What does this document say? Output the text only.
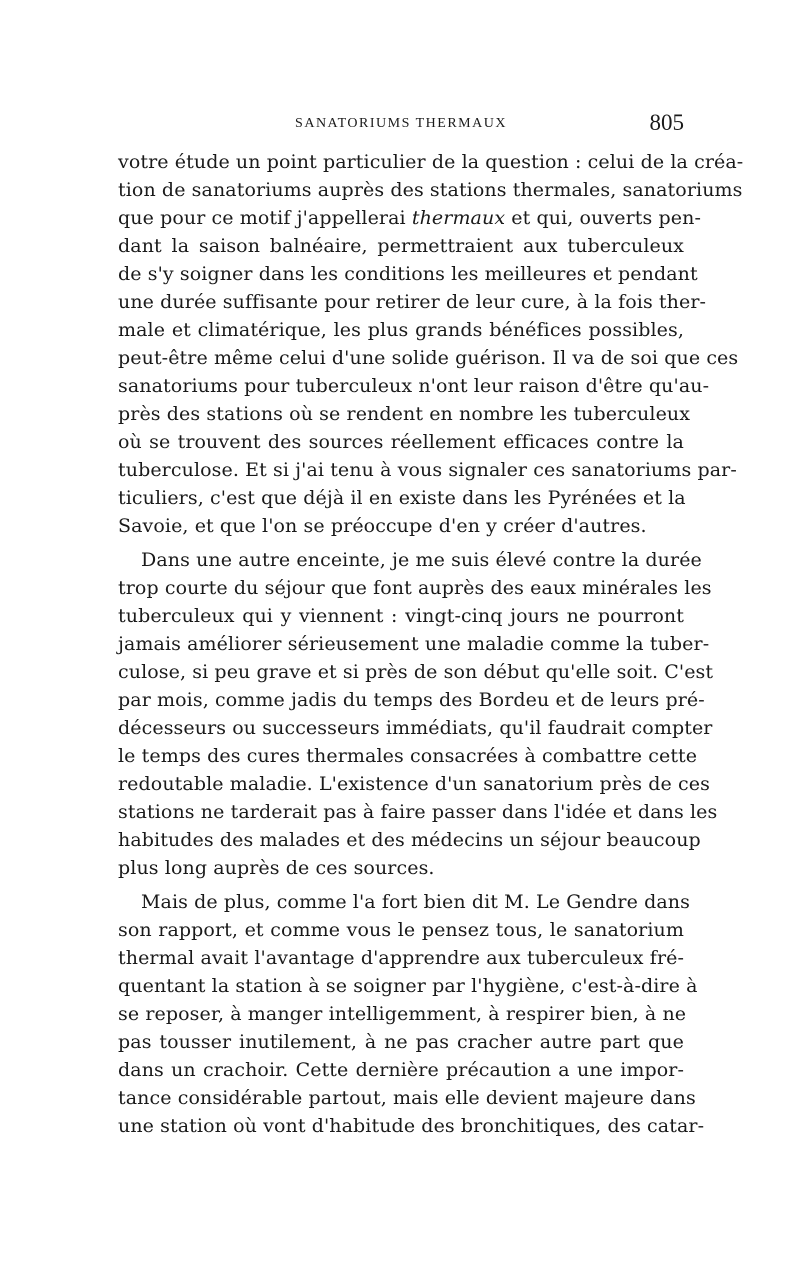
SANATORIUMS THERMAUX	805
votre étude un point particulier de la question : celui de la créa-
tion de sanatoriums auprès des stations thermales, sanatoriums
que pour ce motif j'appellerai thermaux et qui, ouverts pen-
dant la saison balnéaire, permettraient aux tuberculeux
de s'y soigner dans les conditions les meilleures et pendant
une durée suffisante pour retirer de leur cure, à la fois ther-
male et climatérique, les plus grands bénéfices possibles,
peut-être même celui d'une solide guérison. Il va de soi que ces
sanatoriums pour tuberculeux n'ont leur raison d'être qu'au-
près des stations où se rendent en nombre les tuberculeux
où se trouvent des sources réellement efficaces contre la
tuberculose. Et si j'ai tenu à vous signaler ces sanatoriums par-
ticuliers, c'est que déjà il en existe dans les Pyrénées et la
Savoie, et que l'on se préoccupe d'en y créer d'autres.
Dans une autre enceinte, je me suis élevé contre la durée
trop courte du séjour que font auprès des eaux minérales les
tuberculeux qui y viennent : vingt-cinq jours ne pourront
jamais améliorer sérieusement une maladie comme la tuber-
culose, si peu grave et si près de son début qu'elle soit. C'est
par mois, comme jadis du temps des Bordeu et de leurs pré-
décesseurs ou successeurs immédiats, qu'il faudrait compter
le temps des cures thermales consacrées à combattre cette
redoutable maladie. L'existence d'un sanatorium près de ces
stations ne tarderait pas à faire passer dans l'idée et dans les
habitudes des malades et des médecins un séjour beaucoup
plus long auprès de ces sources.
Mais de plus, comme l'a fort bien dit M. Le Gendre dans
son rapport, et comme vous le pensez tous, le sanatorium
thermal avait l'avantage d'apprendre aux tuberculeux fré-
quentant la station à se soigner par l'hygiène, c'est-à-dire à
se reposer, à manger intelligemment, à respirer bien, à ne
pas tousser inutilement, à ne pas cracher autre part que
dans un crachoir. Cette dernière précaution a une impor-
tance considérable partout, mais elle devient majeure dans
une station où vont d'habitude des bronchitiques, des catar-
